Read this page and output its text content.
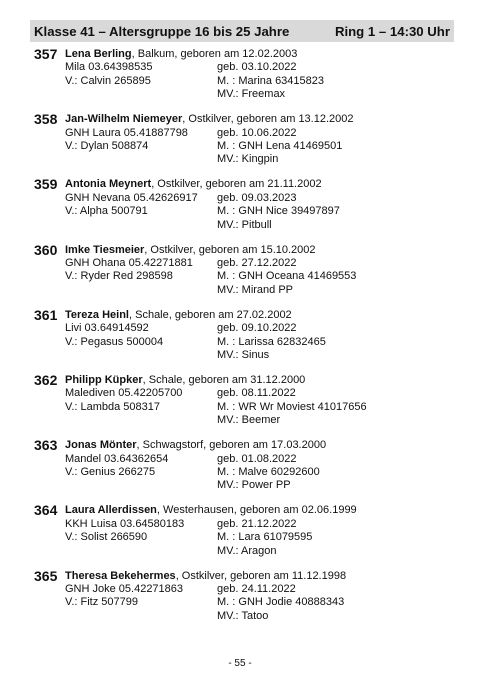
Klasse 41 – Altersgruppe 16 bis 25 Jahre	Ring 1 – 14:30 Uhr
357 Lena Berling, Balkum, geboren am 12.02.2003
Mila 03.64398535	geb. 03.10.2022
V.: Calvin 265895	M. : Marina 63415823
MV.: Freemax
358 Jan-Wilhelm Niemeyer, Ostkilver, geboren am 13.12.2002
GNH Laura 05.41887798	geb. 10.06.2022
V.: Dylan 508874	M. : GNH Lena 41469501
MV.: Kingpin
359 Antonia Meynert, Ostkilver, geboren am 21.11.2002
GNH Nevana 05.42626917 geb. 09.03.2023
V.: Alpha 500791	M. : GNH Nice 39497897
MV.: Pitbull
360 Imke Tiesmeier, Ostkilver, geboren am 15.10.2002
GNH Ohana 05.42271881 geb. 27.12.2022
V.: Ryder Red 298598	M. : GNH Oceana 41469553
MV.: Mirand PP
361 Tereza Heinl, Schale, geboren am 27.02.2002
Livi 03.64914592	geb. 09.10.2022
V.: Pegasus 500004	M. : Larissa 62832465
MV.: Sinus
362 Philipp Küpker, Schale, geboren am 31.12.2000
Malediven 05.42205700	geb. 08.11.2022
V.: Lambda 508317	M. : WR Wr Moviest 41017656
MV.: Beemer
363 Jonas Mönter, Schwagstorf, geboren am 17.03.2000
Mandel 03.64362654	geb. 01.08.2022
V.: Genius 266275	M. : Malve 60292600
MV.: Power PP
364 Laura Allerdissen, Westerhausen, geboren am 02.06.1999
KKH Luisa 03.64580183	geb. 21.12.2022
V.: Solist 266590	M. : Lara 61079595
MV.: Aragon
365 Theresa Bekehermes, Ostkilver, geboren am 11.12.1998
GNH Joke 05.42271863	geb. 24.11.2022
V.: Fitz 507799	M. : GNH Jodie 40888343
MV.: Tatoo
- 55 -
